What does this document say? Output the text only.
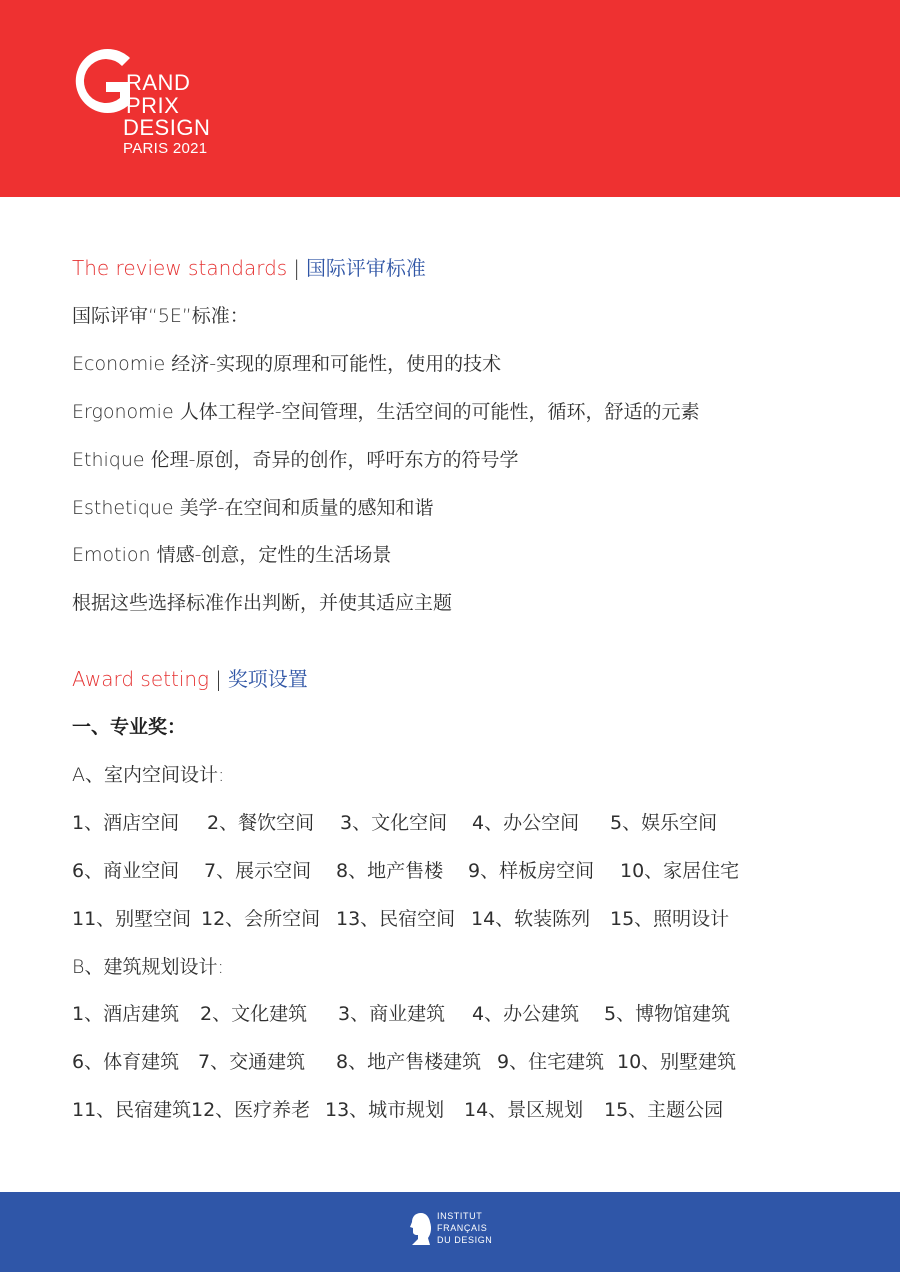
RAND
PRIX
DESIGN
PARIS 2021
The review standards | 国际评审标准
国际评审“5E”标准：
Economie 经济-实现的原理和可能性，使用的技术
Ergonomie 人体工程学-空间管理，生活空间的可能性，循环，舒适的元素
Ethique 伦理-原创，奇异的创作，呼吁东方的符号学
Esthetique 美学-在空间和质量的感知和谐
Emotion 情感-创意，定性的生活场景
根据这些选择标准作出判断，并使其适应主题
Award setting | 奖项设置
一、专业奖：
A、室内空间设计:
1、酒店空间 2、餐饮空间 3、文化空间 4、办公空间 5、娱乐空间
6、商业空间 7、展示空间 8、地产售楼 9、样板房空间 10、家居住宅
11、别墅空间 12、会所空间 13、民宿空间 14、软装陈列 15、照明设计
B、建筑规划设计:
1、酒店建筑 2、文化建筑 3、商业建筑 4、办公建筑 5、博物馆建筑
6、体育建筑 7、交通建筑 8、地产售楼建筑 9、住宅建筑 10、别墅建筑
11、民宿建筑 12、医疗养老 13、城市规划 14、景区规划 15、主题公园
INSTITUT
FRANÇAIS
DU DESIGN
